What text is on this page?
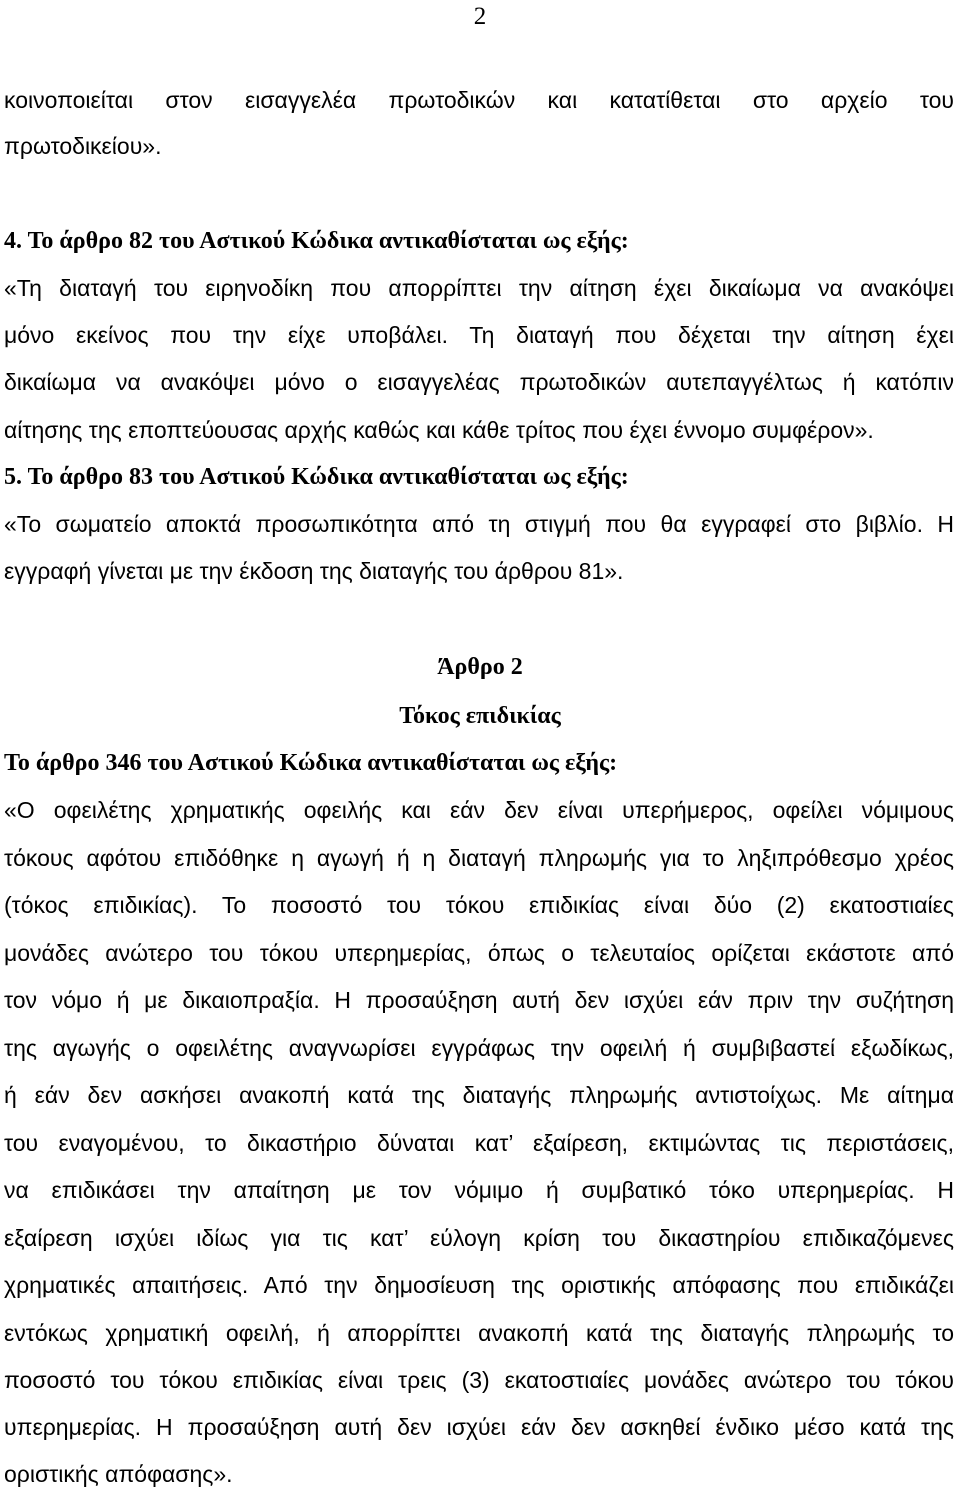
2

κοινοποιείται στον εισαγγελέα πρωτοδικών και κατατίθεται στο αρχείο του

πρωτοδικείου».

4. Το άρθρο 82 του Αστικού Κώδικα αντικαθίσταται ως εξής:

«Τη διαταγή του ειρηνοδίκη που απορρίπτει την αίτηση έχει δικαίωμα να ανακόψει

μόνο εκείνος που την είχε υποβάλει. Τη διαταγή που δέχεται την αίτηση έχει

δικαίωμα να ανακόψει μόνο ο εισαγγελέας πρωτοδικών αυτεπαγγέλτως ή κατόπιν

αίτησης της εποπτεύουσας αρχής καθώς και κάθε τρίτος που έχει έννομο συμφέρον».

5. Το άρθρο 83 του Αστικού Κώδικα αντικαθίσταται ως εξής:

«Το σωματείο αποκτά προσωπικότητα από τη στιγμή που θα εγγραφεί στο βιβλίο. Η

εγγραφή γίνεται με την έκδοση της διαταγής του άρθρου 81».

Άρθρο 2

Τόκος επιδικίας

Το άρθρο 346 του Αστικού Κώδικα αντικαθίσταται ως εξής:

«Ο οφειλέτης χρηματικής οφειλής και εάν δεν είναι υπερήμερος, οφείλει νόμιμους

τόκους αφότου επιδόθηκε η αγωγή ή η διαταγή πληρωμής για το ληξιπρόθεσμο χρέος

(τόκος επιδικίας). Το ποσοστό του τόκου επιδικίας είναι δύο (2) εκατοστιαίες

μονάδες ανώτερο του τόκου υπερημερίας, όπως ο τελευταίος ορίζεται εκάστοτε από

τον νόμο ή με δικαιοπραξία. Η προσαύξηση αυτή δεν ισχύει εάν πριν την συζήτηση

της αγωγής ο οφειλέτης αναγνωρίσει εγγράφως την οφειλή ή συμβιβαστεί εξωδίκως,

ή εάν δεν ασκήσει ανακοπή κατά της διαταγής πληρωμής αντιστοίχως. Με αίτημα

του εναγομένου, το δικαστήριο δύναται κατ’ εξαίρεση, εκτιμώντας τις περιστάσεις,

να επιδικάσει την απαίτηση με τον νόμιμο ή συμβατικό τόκο υπερημερίας. Η

εξαίρεση ισχύει ιδίως για τις κατ’ εύλογη κρίση του δικαστηρίου επιδικαζόμενες

χρηματικές απαιτήσεις. Από την δημοσίευση της οριστικής απόφασης που επιδικάζει

εντόκως χρηματική οφειλή, ή απορρίπτει ανακοπή κατά της διαταγής πληρωμής το

ποσοστό του τόκου επιδικίας είναι τρεις (3) εκατοστιαίες μονάδες ανώτερο του τόκου

υπερημερίας. Η προσαύξηση αυτή δεν ισχύει εάν δεν ασκηθεί ένδικο μέσο κατά της

οριστικής απόφασης».
